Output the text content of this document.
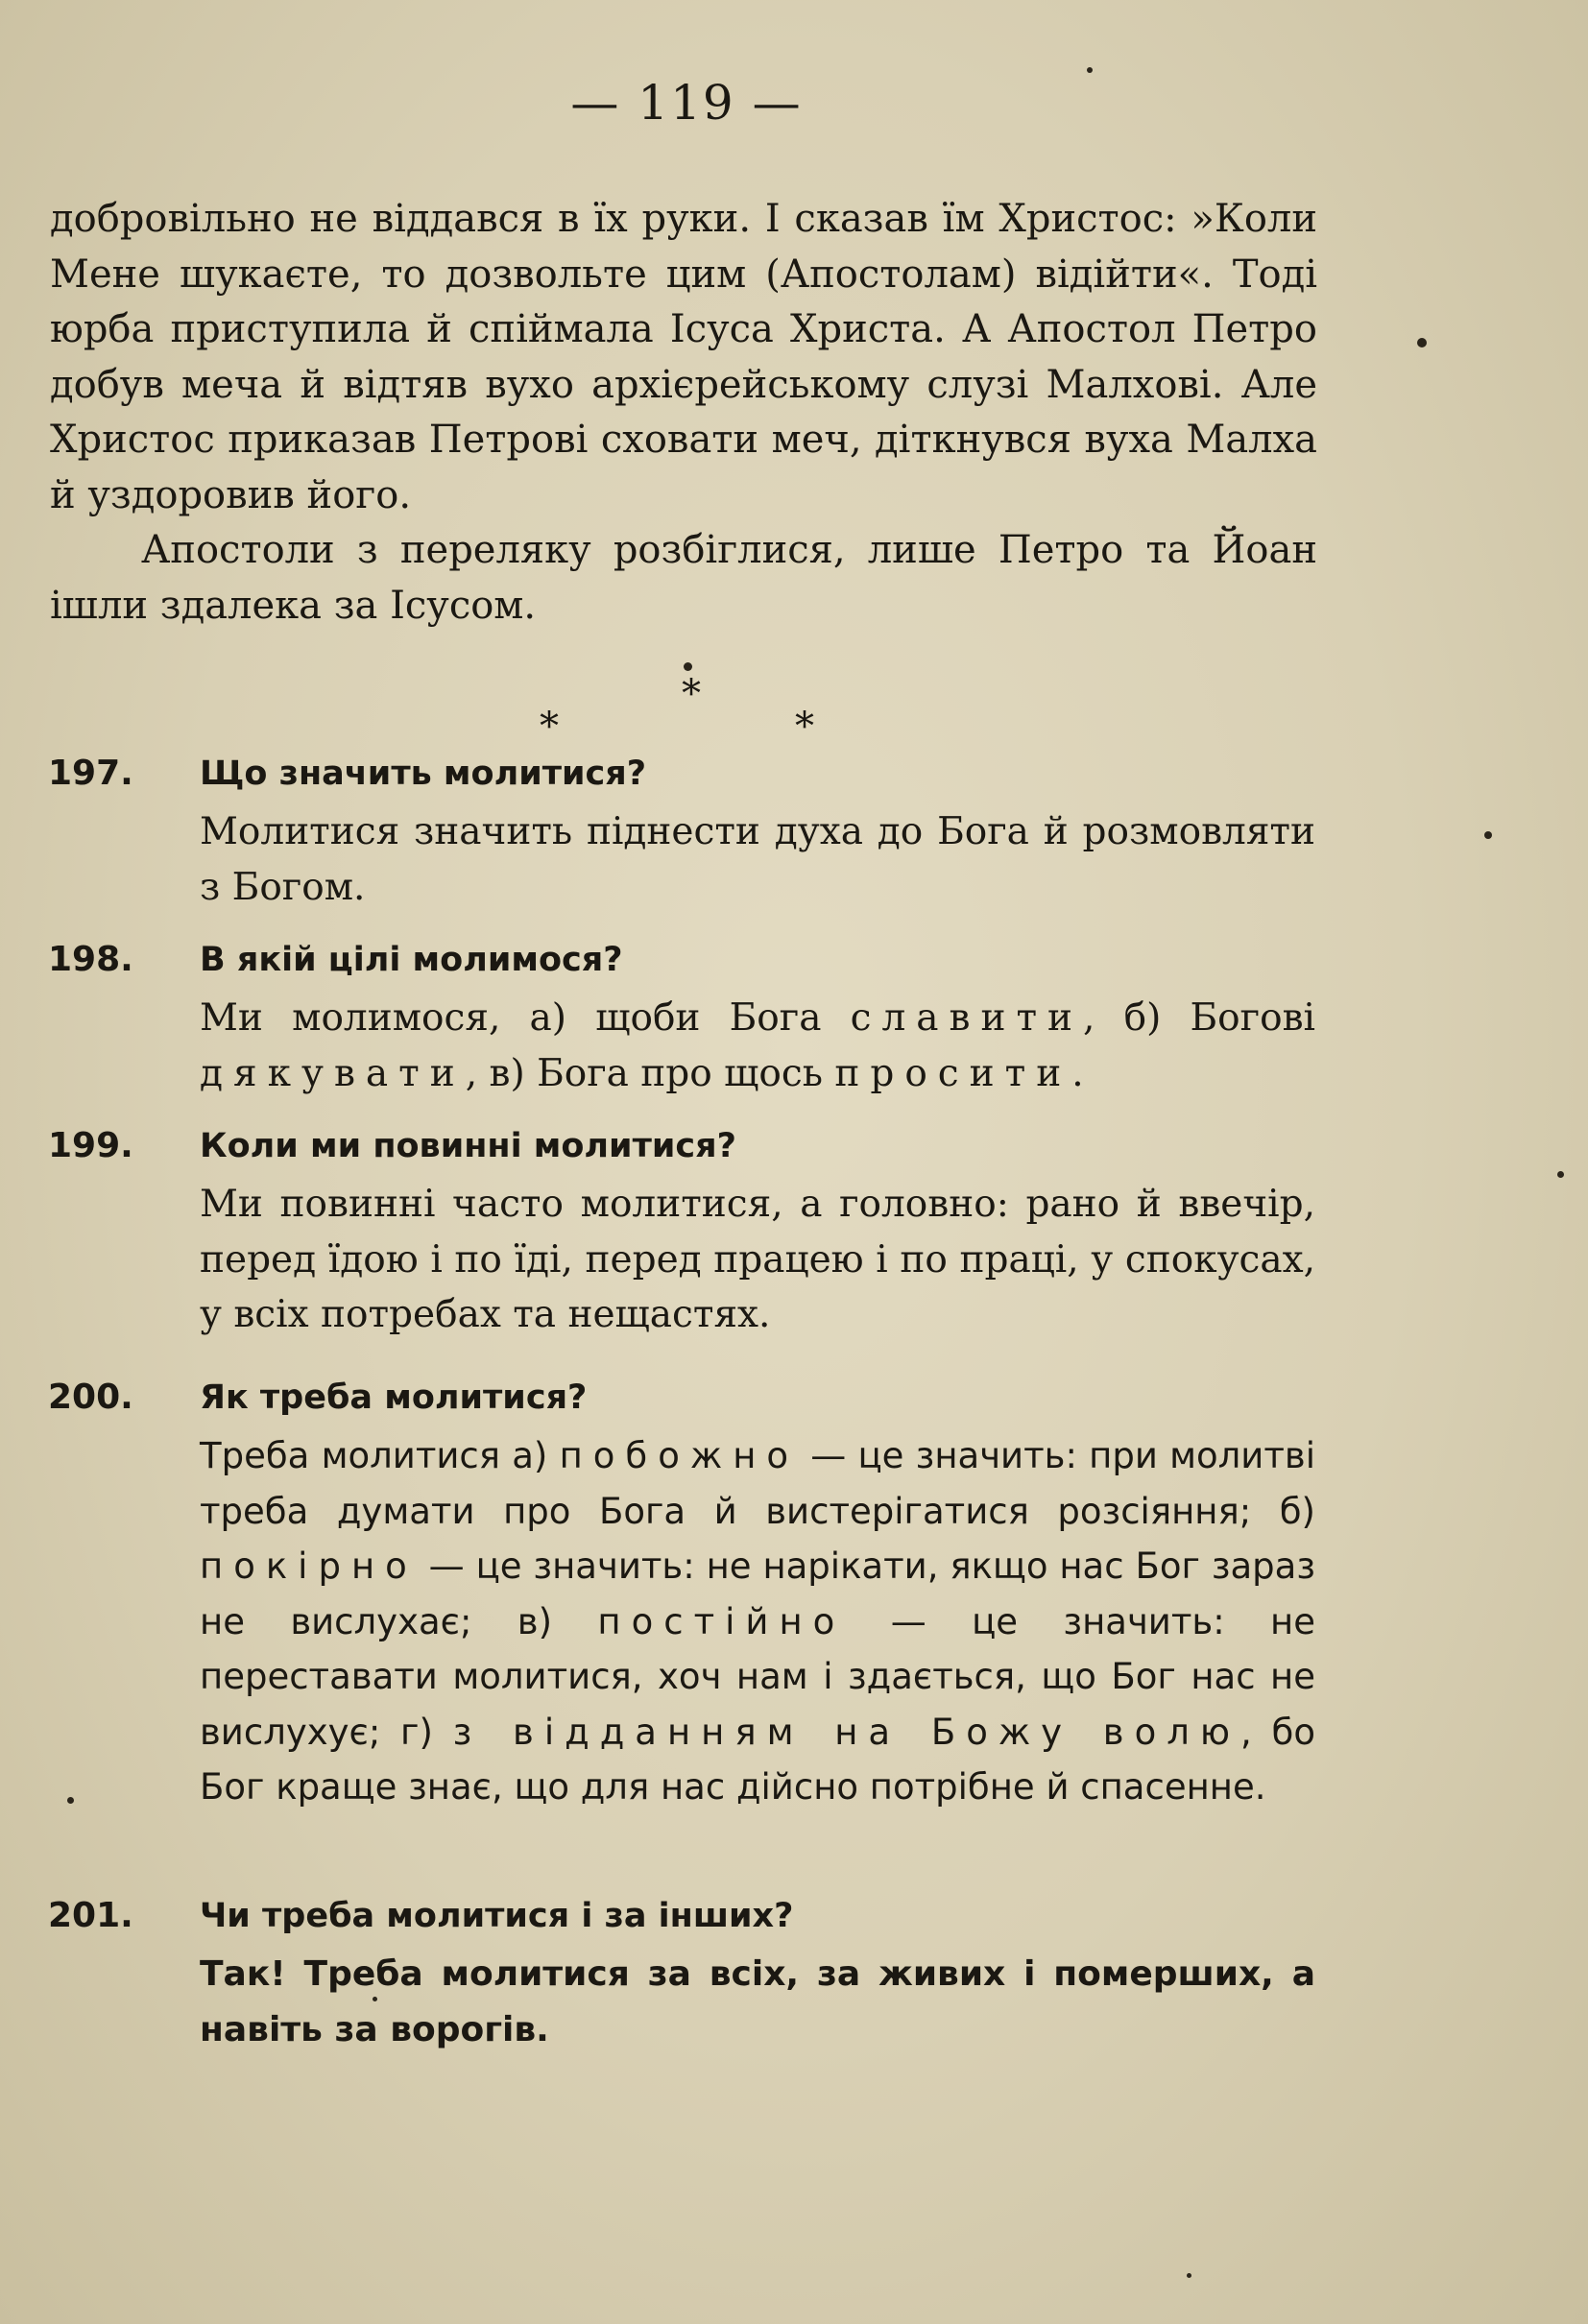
— 119 —
добровільно не віддався в їх руки. І сказав їм Христос: »Коли Мене шукаєте, то дозвольте цим (Апостолам) відійти«. Тоді юрба приступила й спіймала Ісуса Христа. А Апостол Петро добув меча й відтяв вухо архієрейському слузі Малхові. Але Христос приказав Петрові сховати меч, діткнувся вуха Малха й уздоровив його.
Апостоли з переляку розбіглися, лише Петро та Йоан ішли здалека за Ісусом.
*
*	*
197. Що значить молитися?

Молитися значить піднести духа до Бога й розмовляти з Богом.

198. В якій цілі молимося?

Ми молимося, а) щоби Бога славити, б) Богові дякувати, в) Бога про щось просити.

199. Коли ми повинні молитися?

Ми повинні часто молитися, а головно: рано й ввечір, перед їдою і по їді, перед працею і по праці, у спокусах, у всіх потребах та нещастях.

200. Як треба молитися?

Треба молитися а) побожно — це значить: при молитві треба думати про Бога й вистерігатися розсіяння; б) покірно — це значить: не нарікати, якщо нас Бог зараз не вислухає; в) постійно — це значить: не переставати молитися, хоч нам і здається, що Бог нас не вислухує; г) з відданням на Божу волю, бо Бог краще знає, що для нас дійсно потрібне й спасенне.

201. Чи треба молитися і за інших?

Так! Треба молитися за всіх, за живих і померших, а навіть за ворогів.
